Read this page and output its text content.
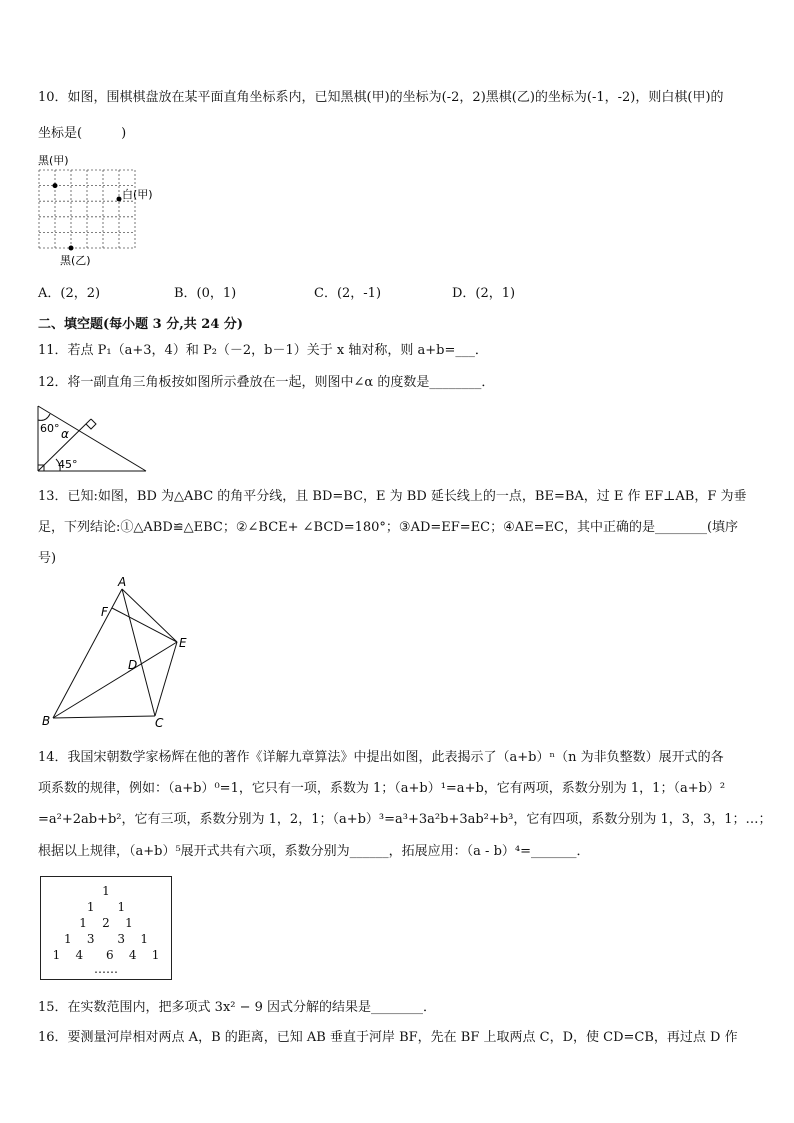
10．如图，围棋棋盘放在某平面直角坐标系内，已知黑棋(甲)的坐标为(-2，2)黑棋(乙)的坐标为(-1，-2)，则白棋(甲)的
坐标是(　　　)
黑(甲)
白(甲)
黑(乙)
A．(2，2)	B．(0，1)	C．(2，-1)	D．(2，1)
二、填空题(每小题 3 分,共 24 分)
11．若点 P₁（a+3，4）和 P₂（－2，b－1）关于 x 轴对称，则 a+b=___．
12．将一副直角三角板按如图所示叠放在一起，则图中∠α 的度数是________．
60° α
45°
13．已知:如图，BD 为△ABC 的角平分线，且 BD=BC，E 为 BD 延长线上的一点，BE=BA，过 E 作 EF⊥AB，F 为垂
足，下列结论:①△ABD≌△EBC；②∠BCE+ ∠BCD=180°；③AD=EF=EC；④AE=EC，其中正确的是________(填序
号)
A
F
E
D
B	C
14．我国宋朝数学家杨辉在他的著作《详解九章算法》中提出如图，此表揭示了（a+b）ⁿ（n 为非负整数）展开式的各
项系数的规律，例如：（a+b）⁰=1，它只有一项，系数为 1；（a+b）¹=a+b，它有两项，系数分别为 1，1；（a+b）²
=a²+2ab+b²，它有三项，系数分别为 1，2，1；（a+b）³=a³+3a²b+3ab²+b³，它有四项，系数分别为 1，3，3，1；…；
根据以上规律，（a+b）⁵展开式共有六项，系数分别为______，拓展应用：（a - b）⁴=_______．
1
1      1
1    2    1
1    3      3    1
1    4      6    4    1
……
15．在实数范围内，把多项式 3x² − 9 因式分解的结果是________．
16．要测量河岸相对两点 A，B 的距离，已知 AB 垂直于河岸 BF，先在 BF 上取两点 C，D，使 CD=CB，再过点 D 作
